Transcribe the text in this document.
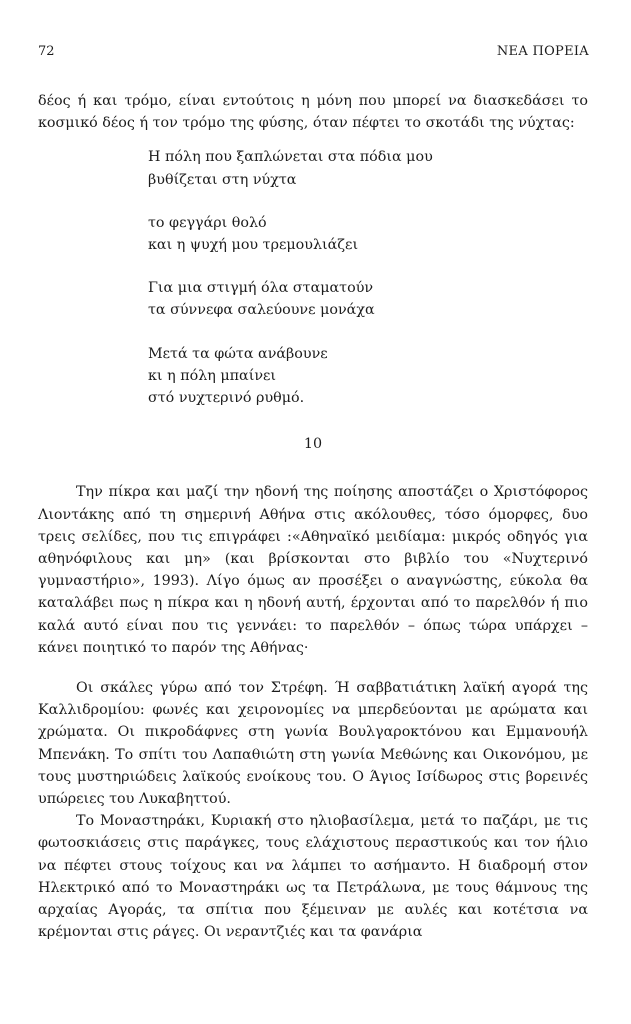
72	ΝΕΑ ΠΟΡΕΙΑ

δέος ή και τρόμο, είναι εντούτοις η μόνη που μπορεί να διασκεδάσει το κοσμικό δέος ή τον τρόμο της φύσης, όταν πέφτει το σκοτάδι της νύχτας:

Η πόλη που ξαπλώνεται στα πόδια μου
βυθίζεται στη νύχτα
το φεγγάρι θολό
και η ψυχή μου τρεμουλιάζει
Για μια στιγμή όλα σταματούν
τα σύννεφα σαλεύουνε μονάχα
Μετά τα φώτα ανάβουνε
κι η πόλη μπαίνει
στό νυχτερινό ρυθμό.
10

Την πίκρα και μαζί την ηδονή της ποίησης αποστάζει ο Χριστόφορος Λιοντάκης από τη σημερινή Αθήνα στις ακόλουθες, τόσο όμορφες, δυο τρεις σελίδες, που τις επιγράφει :«Αθηναϊκό μειδίαμα: μικρός οδηγός για αθηνόφιλους και μη» (και βρίσκονται στο βιβλίο του «Νυχτερινό γυμναστήριο», 1993). Λίγο όμως αν προσέξει ο αναγνώστης, εύκολα θα καταλάβει πως η πίκρα και η ηδονή αυτή, έρχονται από το παρελθόν ή πιο καλά αυτό είναι που τις γεννάει: το παρελθόν – όπως τώρα υπάρχει – κάνει ποιητικό το παρόν της Αθήνας·

Οι σκάλες γύρω από τον Στρέφη. Ή σαββατιάτικη λαϊκή αγορά της Καλλιδρομίου: φωνές και χειρονομίες να μπερδεύονται με αρώματα και χρώματα. Οι πικροδάφνες στη γωνία Βουλγαροκτόνου και Εμμανουήλ Μπενάκη. Το σπίτι του Λαπαθιώτη στη γωνία Μεθώνης και Οικονόμου, με τους μυστηριώδεις λαϊκούς ενοίκους του. Ο Άγιος Ισίδωρος στις βορεινές υπώρειες του Λυκαβηττού.

Το Μοναστηράκι, Κυριακή στο ηλιοβασίλεμα, μετά το παζάρι, με τις φωτοσκιάσεις στις παράγκες, τους ελάχιστους περαστικούς και τον ήλιο να πέφτει στους τοίχους και να λάμπει το ασήμαντο. Η διαδρομή στον Ηλεκτρικό από το Μοναστηράκι ως τα Πετράλωνα, με τους θάμνους της αρχαίας Αγοράς, τα σπίτια που ξέμειναν με αυλές και κοτέτσια να κρέμονται στις ράγες. Οι νεραντζιές και τα φανάρια
